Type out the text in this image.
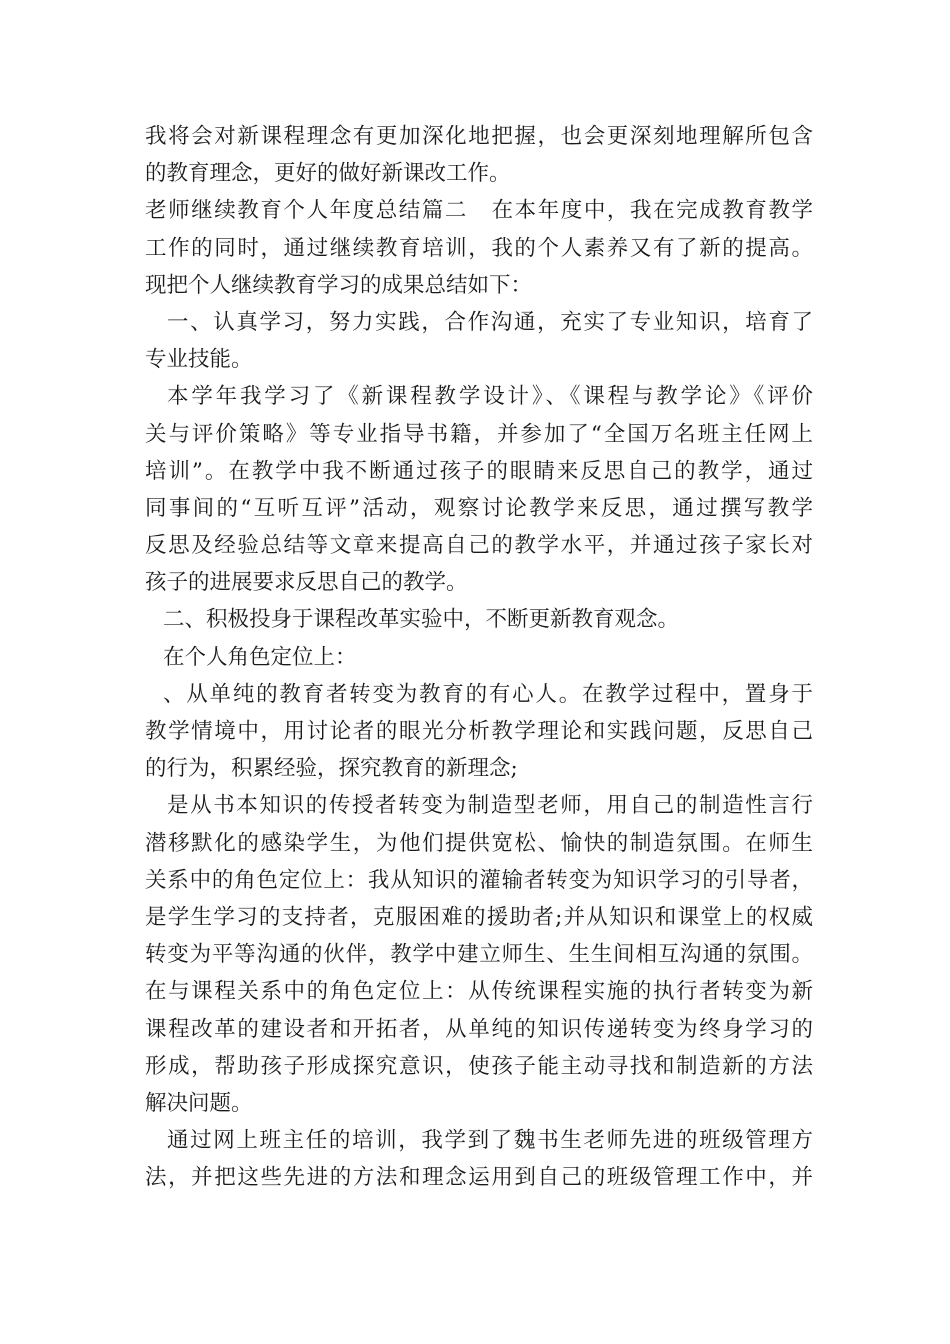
我将会对新课程理念有更加深化地把握，也会更深刻地理解所包含
的教育理念，更好的做好新课改工作。
老师继续教育个人年度总结篇二 在本年度中，我在完成教育教学
工作的同时，通过继续教育培训，我的个人素养又有了新的提高。
现把个人继续教育学习的成果总结如下：
一、认真学习，努力实践，合作沟通，充实了专业知识，培育了
专业技能。
本学年我学习了《新课程教学设计》、《课程与教学论》《评价
关与评价策略》等专业指导书籍，并参加了“全国万名班主任网上
培训”。在教学中我不断通过孩子的眼睛来反思自己的教学，通过
同事间的“互听互评”活动，观察讨论教学来反思，通过撰写教学
反思及经验总结等文章来提高自己的教学水平，并通过孩子家长对
孩子的进展要求反思自己的教学。
二、积极投身于课程改革实验中，不断更新教育观念。
在个人角色定位上：
、从单纯的教育者转变为教育的有心人。在教学过程中，置身于
教学情境中，用讨论者的眼光分析教学理论和实践问题，反思自己
的行为，积累经验，探究教育的新理念;
是从书本知识的传授者转变为制造型老师，用自己的制造性言行
潜移默化的感染学生，为他们提供宽松、愉快的制造氛围。在师生
关系中的角色定位上：我从知识的灌输者转变为知识学习的引导者，
是学生学习的支持者，克服困难的援助者;并从知识和课堂上的权威
转变为平等沟通的伙伴，教学中建立师生、生生间相互沟通的氛围。
在与课程关系中的角色定位上：从传统课程实施的执行者转变为新
课程改革的建设者和开拓者，从单纯的知识传递转变为终身学习的
形成，帮助孩子形成探究意识，使孩子能主动寻找和制造新的方法
解决问题。
通过网上班主任的培训，我学到了魏书生老师先进的班级管理方
法，并把这些先进的方法和理念运用到自己的班级管理工作中，并
